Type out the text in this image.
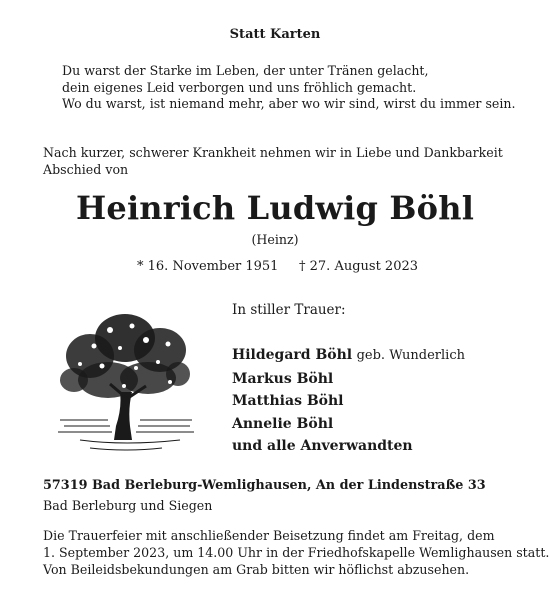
Statt Karten
Du warst der Starke im Leben, der unter Tränen gelacht,
dein eigenes Leid verborgen und uns fröhlich gemacht.
Wo du warst, ist niemand mehr, aber wo wir sind, wirst du immer sein.
Nach kurzer, schwerer Krankheit nehmen wir in Liebe und Dankbarkeit
Abschied von
Heinrich Ludwig Böhl
(Heinz)
* 16. November 1951 † 27. August 2023
In stiller Trauer:
Hildegard Böhl geb. Wunderlich
Markus Böhl
Matthias Böhl
Annelie Böhl
und alle Anverwandten
57319 Bad Berleburg-Wemlighausen, An der Lindenstraße 33
Bad Berleburg und Siegen
Die Trauerfeier mit anschließender Beisetzung findet am Freitag, dem
1. September 2023, um 14.00 Uhr in der Friedhofskapelle Wemlighausen statt.
Von Beileidsbekundungen am Grab bitten wir höflichst abzusehen.
